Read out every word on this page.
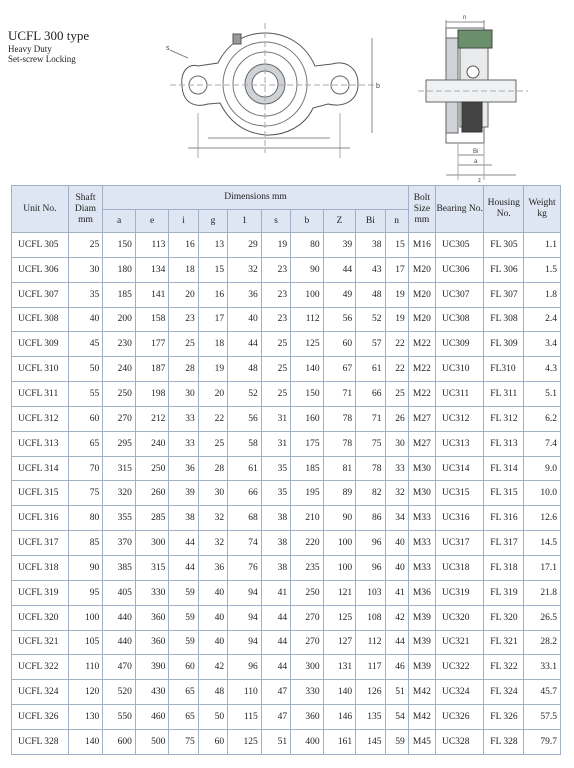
UCFL 300 type
Heavy Duty
Set-screw Locking
s
b
n
Bi
a
z
Unit No.	Shaft Diam mm	Dimensions mm										Bolt Size mm	Bearing No.	Housing No.	Weight kg
		a	e	i	g	1	s	b	Z	Bi	n				
UCFL 305	25	150	113	16	13	29	19	80	39	38	15	M16	UC305	FL 305	1.1
UCFL 306	30	180	134	18	15	32	23	90	44	43	17	M20	UC306	FL 306	1.5
UCFL 307	35	185	141	20	16	36	23	100	49	48	19	M20	UC307	FL 307	1.8
UCFL 308	40	200	158	23	17	40	23	112	56	52	19	M20	UC308	FL 308	2.4
UCFL 309	45	230	177	25	18	44	25	125	60	57	22	M22	UC309	FL 309	3.4
UCFL 310	50	240	187	28	19	48	25	140	67	61	22	M22	UC310	FL310	4.3
UCFL 311	55	250	198	30	20	52	25	150	71	66	25	M22	UC311	FL 311	5.1
UCFL 312	60	270	212	33	22	56	31	160	78	71	26	M27	UC312	FL 312	6.2
UCFL 313	65	295	240	33	25	58	31	175	78	75	30	M27	UC313	FL 313	7.4
UCFL 314	70	315	250	36	28	61	35	185	81	78	33	M30	UC314	FL 314	9.0
UCFL 315	75	320	260	39	30	66	35	195	89	82	32	M30	UC315	FL 315	10.0
UCFL 316	80	355	285	38	32	68	38	210	90	86	34	M33	UC316	FL 316	12.6
UCFL 317	85	370	300	44	32	74	38	220	100	96	40	M33	UC317	FL 317	14.5
UCFL 318	90	385	315	44	36	76	38	235	100	96	40	M33	UC318	FL 318	17.1
UCFL 319	95	405	330	59	40	94	41	250	121	103	41	M36	UC319	FL 319	21.8
UCFL 320	100	440	360	59	40	94	44	270	125	108	42	M39	UC320	FL 320	26.5
UCFL 321	105	440	360	59	40	94	44	270	127	112	44	M39	UC321	FL 321	28.2
UCFL 322	110	470	390	60	42	96	44	300	131	117	46	M39	UC322	FL 322	33.1
UCFL 324	120	520	430	65	48	110	47	330	140	126	51	M42	UC324	FL 324	45.7
UCFL 326	130	550	460	65	50	115	47	360	146	135	54	M42	UC326	FL 326	57.5
UCFL 328	140	600	500	75	60	125	51	400	161	145	59	M45	UC328	FL 328	79.7
